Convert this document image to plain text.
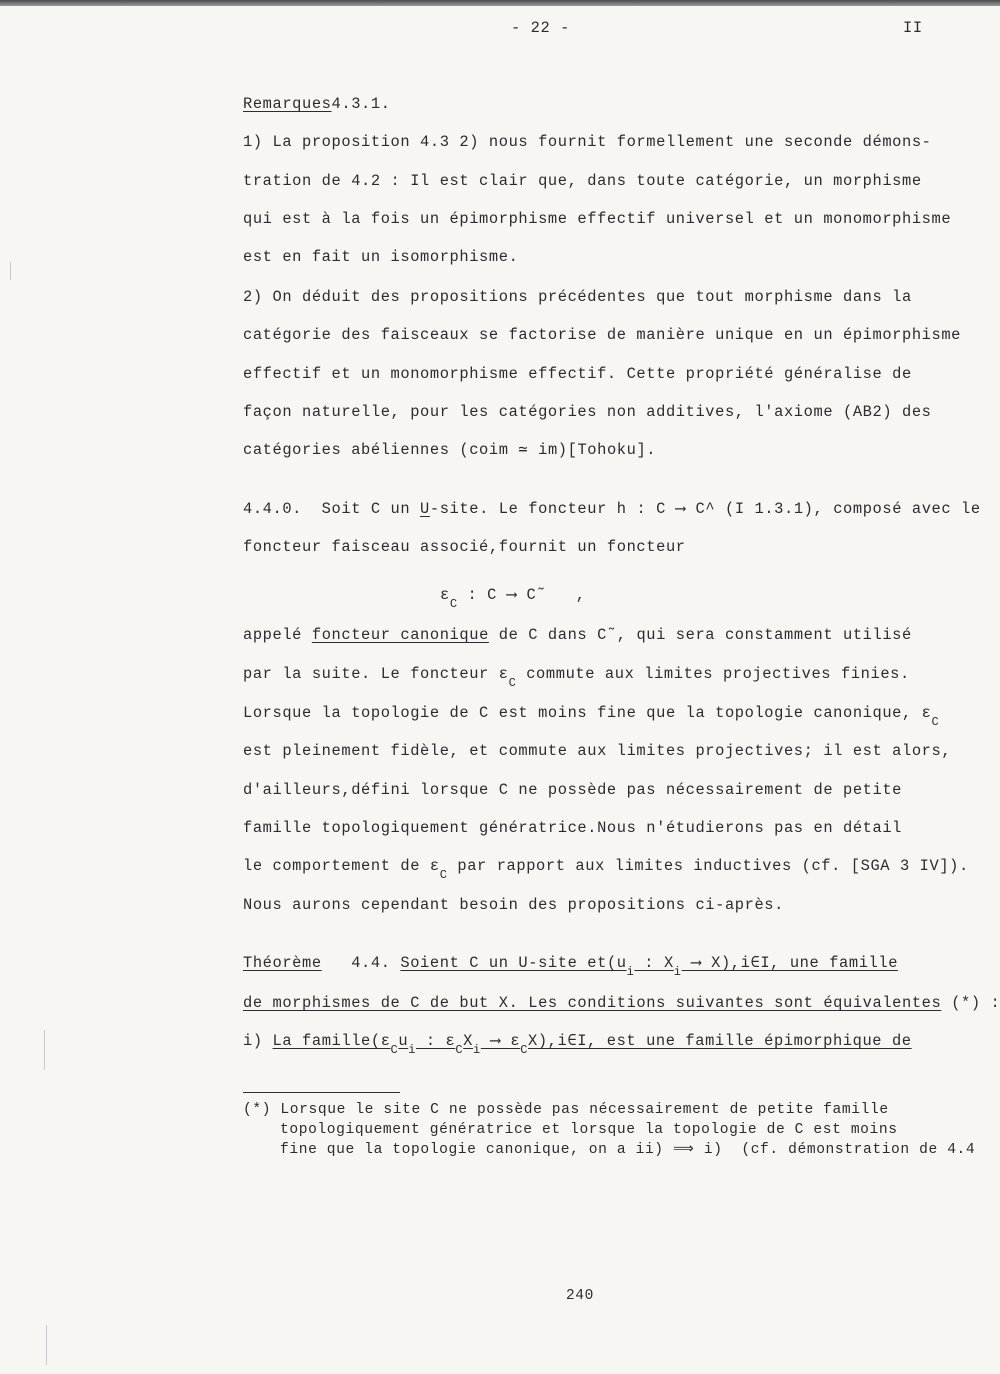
- 22 -	II
Remarques4.3.1.
1) La proposition 4.3 2) nous fournit formellement une seconde démons-
tration de 4.2 : Il est clair que, dans toute catégorie, un morphisme
qui est à la fois un épimorphisme effectif universel et un monomorphisme
est en fait un isomorphisme.
2) On déduit des propositions précédentes que tout morphisme dans la
catégorie des faisceaux se factorise de manière unique en un épimorphisme
effectif et un monomorphisme effectif. Cette propriété généralise de
façon naturelle, pour les catégories non additives, l'axiome (AB2) des
catégories abéliennes (coim ≃ im)[Tohoku].
4.4.0.  Soit C un U-site. Le foncteur h : C ⟶ C^ (I 1.3.1), composé avec le
foncteur faisceau associé,fournit un foncteur
$\varepsilon_C$ : C ⟶ C˜   ,
appelé foncteur canonique de C dans C˜, qui sera constamment utilisé
par la suite. Le foncteur $\varepsilon_C$ commute aux limites projectives finies.
Lorsque la topologie de C est moins fine que la topologie canonique, $\varepsilon_C$
est pleinement fidèle, et commute aux limites projectives; il est alors,
d'ailleurs,défini lorsque C ne possède pas nécessairement de petite
famille topologiquement génératrice.Nous n'étudierons pas en détail
le comportement de $\varepsilon_C$ par rapport aux limites inductives (cf. [SGA 3 IV]).
Nous aurons cependant besoin des propositions ci-après.
Théorème 4.4. Soient C un U-site $et(u_i$ : $X_i$ ⟶ X),i∈I, une famille
de morphismes de C de but X. Les conditions suivantes sont équivalentes (*) :
i) La $famille(\varepsilon_Cu_i$ : $\varepsilon_CX_i$ ⟶ $\varepsilon_CX),i\in I$, est une famille épimorphique de
(*) Lorsque le site C ne possède pas nécessairement de petite famille
topologiquement génératrice et lorsque la topologie de C est moins
fine que la topologie canonique, on a ii) ⟹ i)  (cf. démonstration de 4.4
240
